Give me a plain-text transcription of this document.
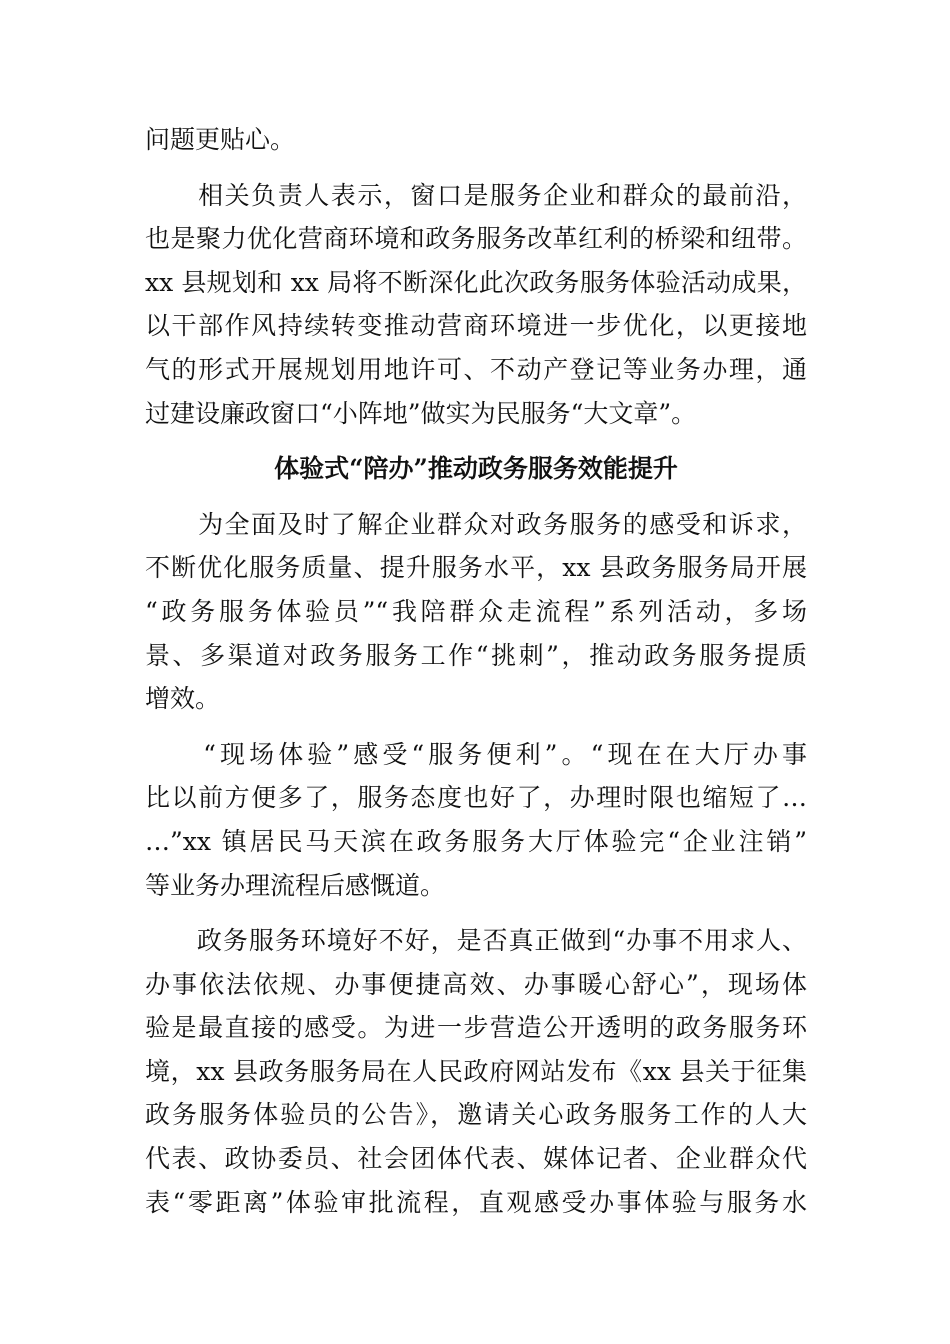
问题更贴心。
　　相关负责人表示，窗口是服务企业和群众的最前沿，
也是聚力优化营商环境和政务服务改革红利的桥梁和纽带。
xx 县规划和 xx 局将不断深化此次政务服务体验活动成果，
以干部作风持续转变推动营商环境进一步优化，以更接地
气的形式开展规划用地许可、不动产登记等业务办理，通
过建设廉政窗口“小阵地”做实为民服务“大文章”。
体验式“陪办”推动政务服务效能提升
　　为全面及时了解企业群众对政务服务的感受和诉求，
不断优化服务质量、提升服务水平，xx 县政务服务局开展
“政务服务体验员”“我陪群众走流程”系列活动，多场
景、多渠道对政务服务工作“挑刺”，推动政务服务提质
增效。
　　“现场体验”感受“服务便利”。“现在在大厅办事
比以前方便多了，服务态度也好了，办理时限也缩短了…
…”xx 镇居民马天滨在政务服务大厅体验完“企业注销”
等业务办理流程后感慨道。
　　政务服务环境好不好，是否真正做到“办事不用求人、
办事依法依规、办事便捷高效、办事暖心舒心”，现场体
验是最直接的感受。为进一步营造公开透明的政务服务环
境，xx 县政务服务局在人民政府网站发布《xx 县关于征集
政务服务体验员的公告》，邀请关心政务服务工作的人大
代表、政协委员、社会团体代表、媒体记者、企业群众代
表“零距离”体验审批流程，直观感受办事体验与服务水
